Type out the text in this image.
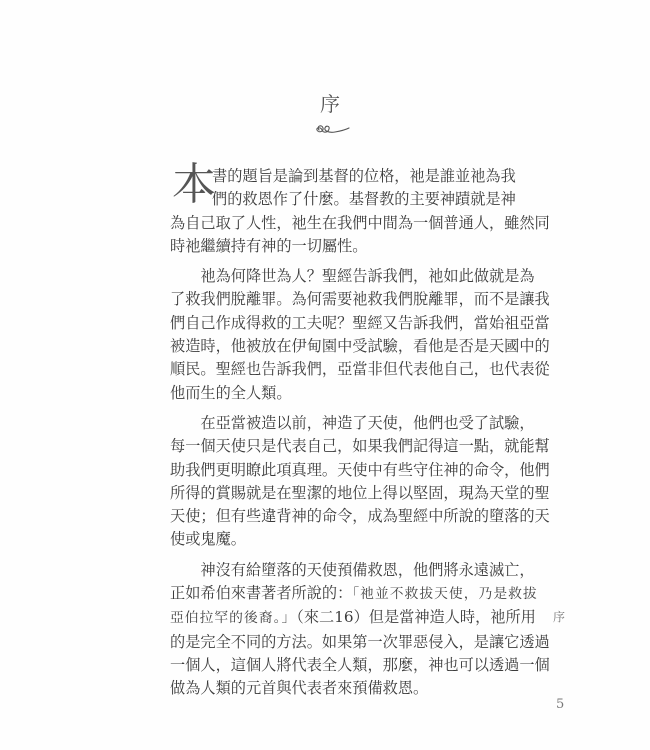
序
本
書的題旨是論到基督的位格，祂是誰並祂為我
們的救恩作了什麼。基督教的主要神蹟就是神
為自己取了人性，祂生在我們中間為一個普通人，雖然同
時祂繼續持有神的一切屬性。
祂為何降世為人？聖經告訴我們，祂如此做就是為
了救我們脫離罪。為何需要祂救我們脫離罪，而不是讓我
們自己作成得救的工夫呢？聖經又告訴我們，當始祖亞當
被造時，他被放在伊甸園中受試驗，看他是否是天國中的
順民。聖經也告訴我們，亞當非但代表他自己，也代表從
他而生的全人類。
在亞當被造以前，神造了天使，他們也受了試驗，
每一個天使只是代表自己，如果我們記得這一點，就能幫
助我們更明瞭此項真理。天使中有些守住神的命令，他們
所得的賞賜就是在聖潔的地位上得以堅固，現為天堂的聖
天使；但有些違背神的命令，成為聖經中所說的墮落的天
使或鬼魔。
神沒有給墮落的天使預備救恩，他們將永遠滅亡，
正如希伯來書著者所說的：「祂並不救拔天使，乃是救拔
亞伯拉罕的後裔。」（來二16）但是當神造人時，祂所用
的是完全不同的方法。如果第一次罪惡侵入，是讓它透過
一個人，這個人將代表全人類，那麼，神也可以透過一個
做為人類的元首與代表者來預備救恩。
序
5
